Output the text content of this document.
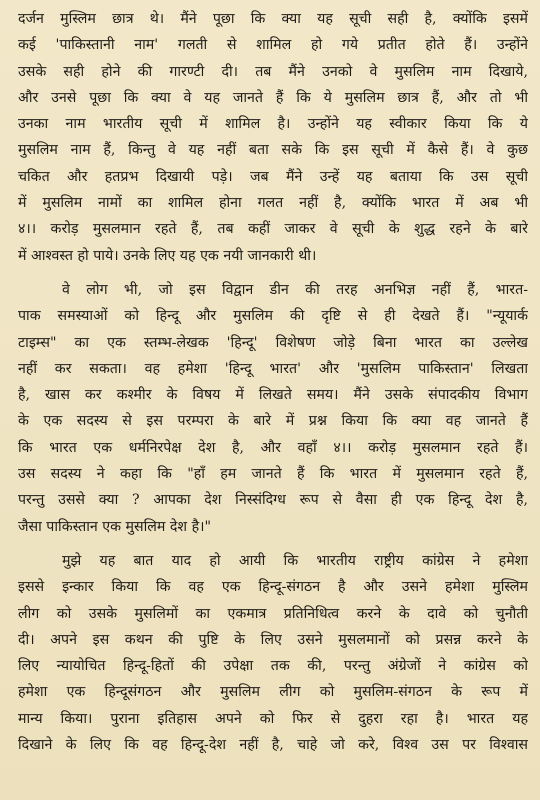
दर्जन मुस्लिम छात्र थे। मैंने पूछा कि क्या यह सूची सही है, क्योंकि इसमें
कई 'पाकिस्तानी नाम' गलती से शामिल हो गये प्रतीत होते हैं। उन्होंने
उसके सही होने की गारण्टी दी। तब मैंने उनको वे मुसलिम नाम दिखाये,
और उनसे पूछा कि क्या वे यह जानते हैं कि ये मुसलिम छात्र हैं, और तो भी
उनका नाम भारतीय सूची में शामिल है। उन्होंने यह स्वीकार किया कि ये
मुसलिम नाम हैं, किन्तु वे यह नहीं बता सके कि इस सूची में कैसे हैं। वे कुछ
चकित और हतप्रभ दिखायी पड़े। जब मैंने उन्हें यह बताया कि उस सूची
में मुसलिम नामों का शामिल होना गलत नहीं है, क्योंकि भारत में अब भी
४।। करोड़ मुसलमान रहते हैं, तब कहीं जाकर वे सूची के शुद्ध रहने के बारे
में आश्वस्त हो पाये। उनके लिए यह एक नयी जानकारी थी।
वे लोग भी, जो इस विद्वान डीन की तरह अनभिज्ञ नहीं हैं, भारत-
पाक समस्याओं को हिन्दू और मुसलिम की दृष्टि से ही देखते हैं। "न्यूयार्क
टाइम्स" का एक स्तम्भ-लेखक 'हिन्दू' विशेषण जोड़े बिना भारत का उल्लेख
नहीं कर सकता। वह हमेशा 'हिन्दू भारत' और 'मुसलिम पाकिस्तान' लिखता
है, खास कर कश्मीर के विषय में लिखते समय। मैंने उसके संपादकीय विभाग
के एक सदस्य से इस परम्परा के बारे में प्रश्न किया कि क्या वह जानते हैं
कि भारत एक धर्मनिरपेक्ष देश है, और वहाँ ४।। करोड़ मुसलमान रहते हैं।
उस सदस्य ने कहा कि "हाँ हम जानते हैं कि भारत में मुसलमान रहते हैं,
परन्तु उससे क्या ? आपका देश निस्संदिग्ध रूप से वैसा ही एक हिन्दू देश है,
जैसा पाकिस्तान एक मुसलिम देश है।"
मुझे यह बात याद हो आयी कि भारतीय राष्ट्रीय कांग्रेस ने हमेशा
इससे इन्कार किया कि वह एक हिन्दू-संगठन है और उसने हमेशा मुस्लिम
लीग को उसके मुसलिमों का एकमात्र प्रतिनिधित्व करने के दावे को चुनौती
दी। अपने इस कथन की पुष्टि के लिए उसने मुसलमानों को प्रसन्न करने के
लिए न्यायोचित हिन्दू-हितों की उपेक्षा तक की, परन्तु अंग्रेजों ने कांग्रेस को
हमेशा एक हिन्दूसंगठन और मुसलिम लीग को मुसलिम-संगठन के रूप में
मान्य किया। पुराना इतिहास अपने को फिर से दुहरा रहा है। भारत यह
दिखाने के लिए कि वह हिन्दू-देश नहीं है, चाहे जो करे, विश्व उस पर विश्वास
